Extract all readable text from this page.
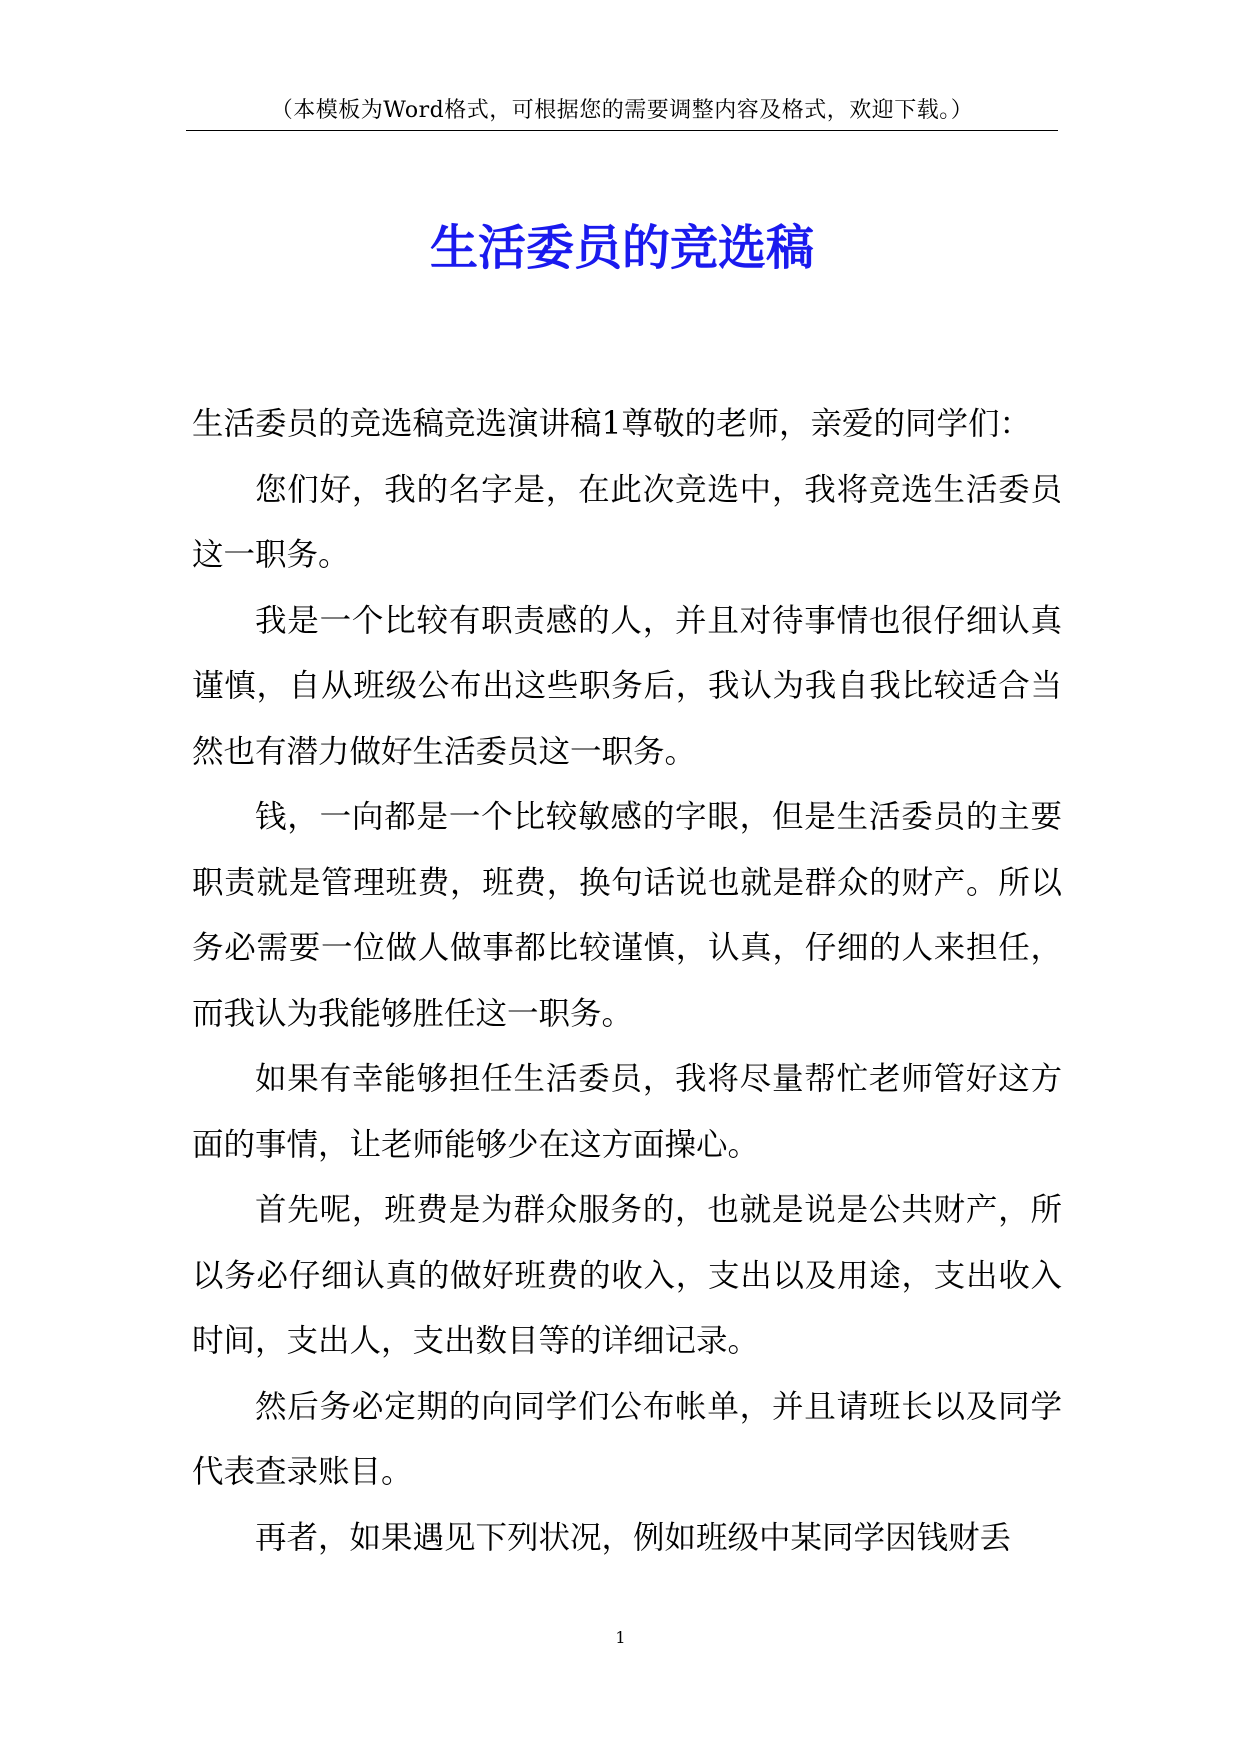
（本模板为Word格式，可根据您的需要调整内容及格式，欢迎下载。）
生活委员的竞选稿

生活委员的竞选稿竞选演讲稿1尊敬的老师，亲爱的同学们：

您们好，我的名字是，在此次竞选中，我将竞选生活委员这一职务。

我是一个比较有职责感的人，并且对待事情也很仔细认真谨慎，自从班级公布出这些职务后，我认为我自我比较适合当然也有潜力做好生活委员这一职务。

钱，一向都是一个比较敏感的字眼，但是生活委员的主要职责就是管理班费，班费，换句话说也就是群众的财产。所以务必需要一位做人做事都比较谨慎，认真，仔细的人来担任，而我认为我能够胜任这一职务。

如果有幸能够担任生活委员，我将尽量帮忙老师管好这方面的事情，让老师能够少在这方面操心。

首先呢，班费是为群众服务的，也就是说是公共财产，所以务必仔细认真的做好班费的收入，支出以及用途，支出收入时间，支出人，支出数目等的详细记录。

然后务必定期的向同学们公布帐单，并且请班长以及同学代表查录账目。

再者，如果遇见下列状况，例如班级中某同学因钱财丢

1
